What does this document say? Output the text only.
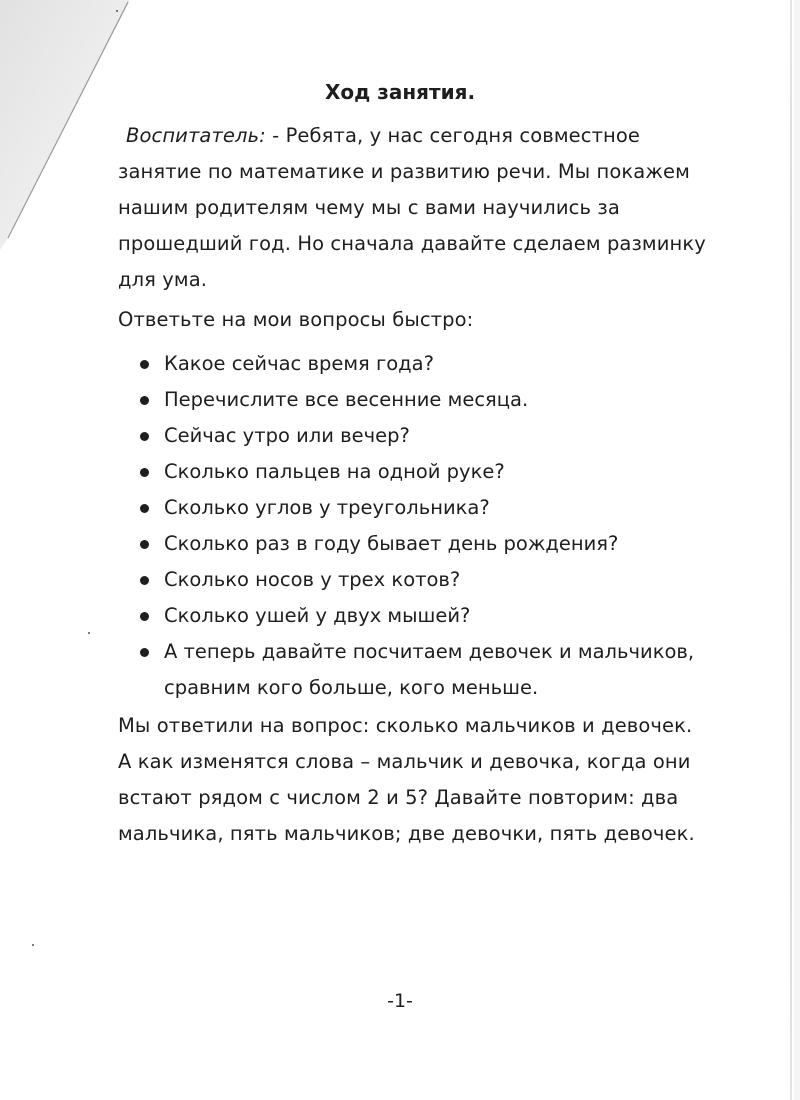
Ход занятия.

Воспитатель: - Ребята, у нас сегодня совместное занятие по математике и развитию речи. Мы покажем нашим родителям чему мы с вами научились за прошедший год. Но сначала давайте сделаем разминку для ума.

Ответьте на мои вопросы быстро:

Какое сейчас время года?
Перечислите все весенние месяца.
Сейчас утро или вечер?
Сколько пальцев на одной руке?
Сколько углов у треугольника?
Сколько раз в году бывает день рождения?
Сколько носов у трех котов?
Сколько ушей у двух мышей?
А теперь давайте посчитаем девочек и мальчиков, сравним кого больше, кого меньше.

Мы ответили на вопрос: сколько мальчиков и девочек. А как изменятся слова – мальчик и девочка, когда они встают рядом с числом 2 и 5? Давайте повторим: два мальчика, пять мальчиков; две девочки, пять девочек.

-1-
